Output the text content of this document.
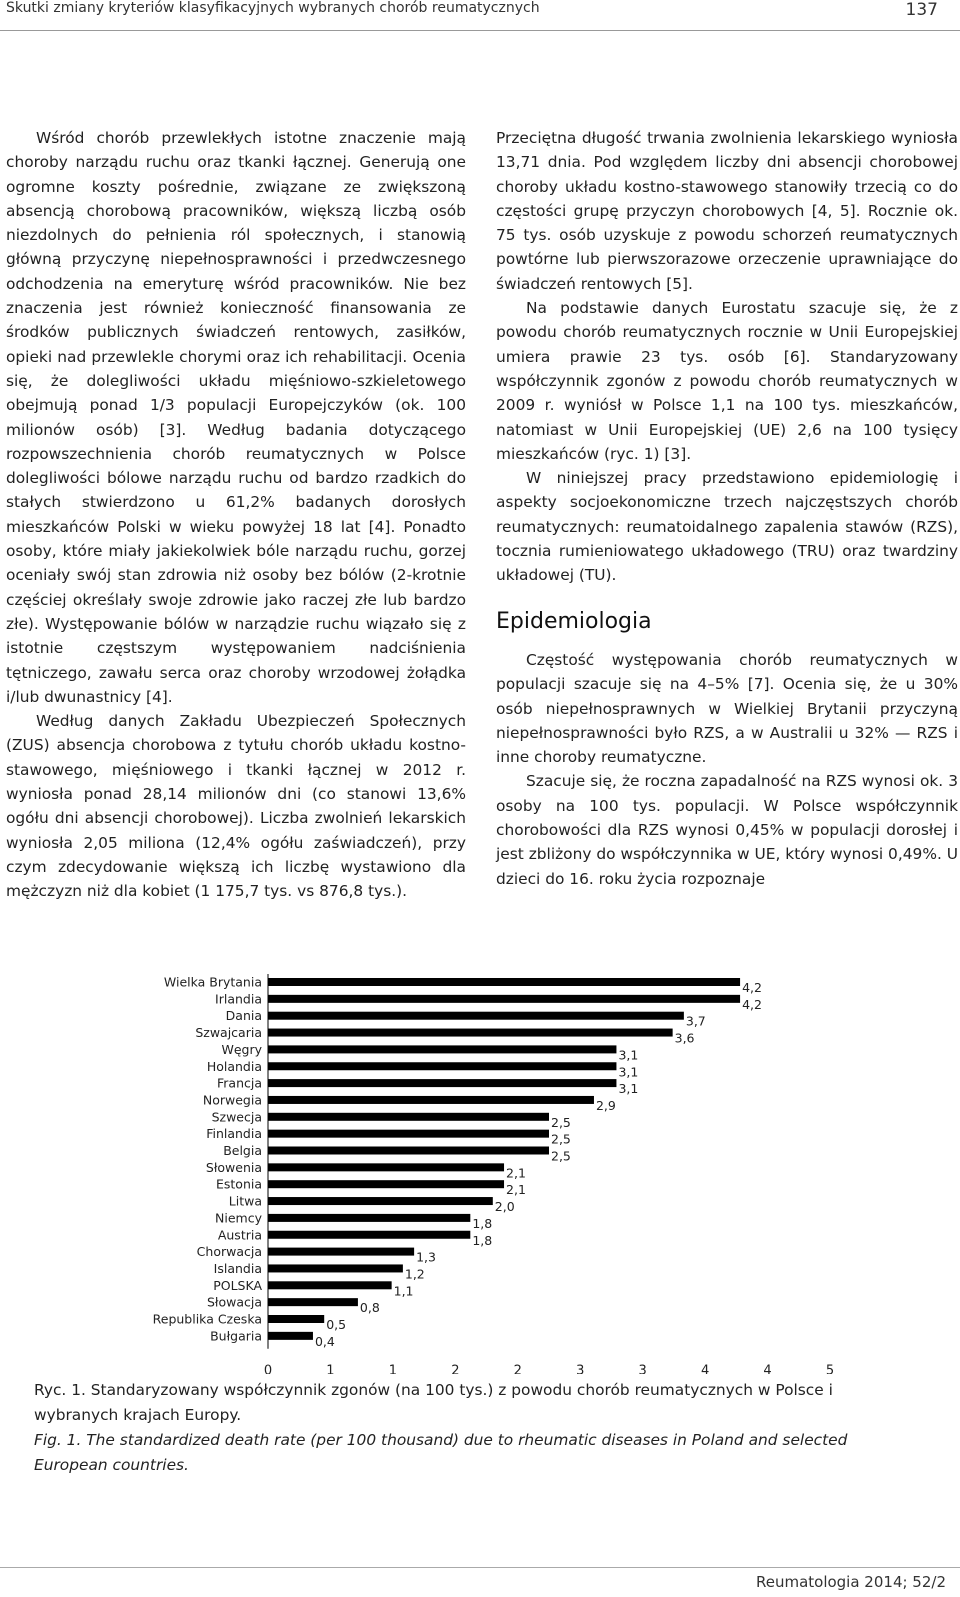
Skutki zmiany kryteriów klasyfikacyjnych wybranych chorób reumatycznych	137

Wśród chorób przewlekłych istotne znaczenie mają choroby narządu ruchu oraz tkanki łącznej. Generują one ogromne koszty pośrednie, związane ze zwiększoną absencją chorobową pracowników, większą liczbą osób niezdolnych do pełnienia ról społecznych, i stanowią główną przyczynę niepełnosprawności i przedwczesnego odchodzenia na emeryturę wśród pracowników. Nie bez znaczenia jest również konieczność finansowania ze środków publicznych świadczeń rentowych, zasiłków, opieki nad przewlekle chorymi oraz ich rehabilitacji. Ocenia się, że dolegliwości układu mięśniowo-szkieletowego obejmują ponad 1/3 populacji Europejczyków (ok. 100 milionów osób) [3]. Według badania dotyczącego rozpowszechnienia chorób reumatycznych w Polsce dolegliwości bólowe narządu ruchu od bardzo rzadkich do stałych stwierdzono u 61,2% badanych dorosłych mieszkańców Polski w wieku powyżej 18 lat [4]. Ponadto osoby, które miały jakiekolwiek bóle narządu ruchu, gorzej oceniały swój stan zdrowia niż osoby bez bólów (2-krotnie częściej określały swoje zdrowie jako raczej złe lub bardzo złe). Występowanie bólów w narządzie ruchu wiązało się z istotnie częstszym występowaniem nadciśnienia tętniczego, zawału serca oraz choroby wrzodowej żołądka i/lub dwunastnicy [4].

Według danych Zakładu Ubezpieczeń Społecznych (ZUS) absencja chorobowa z tytułu chorób układu kostno-stawowego, mięśniowego i tkanki łącznej w 2012 r. wyniosła ponad 28,14 milionów dni (co stanowi 13,6% ogółu dni absencji chorobowej). Liczba zwolnień lekarskich wyniosła 2,05 miliona (12,4% ogółu zaświadczeń), przy czym zdecydowanie większą ich liczbę wystawiono dla mężczyzn niż dla kobiet (1 175,7 tys. vs 876,8 tys.).

Przeciętna długość trwania zwolnienia lekarskiego wyniosła 13,71 dnia. Pod względem liczby dni absencji chorobowej choroby układu kostno-stawowego stanowiły trzecią co do częstości grupę przyczyn chorobowych [4, 5]. Rocznie ok. 75 tys. osób uzyskuje z powodu schorzeń reumatycznych powtórne lub pierwszorazowe orzeczenie uprawniające do świadczeń rentowych [5].

Na podstawie danych Eurostatu szacuje się, że z powodu chorób reumatycznych rocznie w Unii Europejskiej umiera prawie 23 tys. osób [6]. Standaryzowany współczynnik zgonów z powodu chorób reumatycznych w 2009 r. wyniósł w Polsce 1,1 na 100 tys. mieszkańców, natomiast w Unii Europejskiej (UE) 2,6 na 100 tysięcy mieszkańców (ryc. 1) [3].

W niniejszej pracy przedstawiono epidemiologię i aspekty socjoekonomiczne trzech najczęstszych chorób reumatycznych: reumatoidalnego zapalenia stawów (RZS), tocznia rumieniowatego układowego (TRU) oraz twardziny układowej (TU).

Epidemiologia

Częstość występowania chorób reumatycznych w populacji szacuje się na 4–5% [7]. Ocenia się, że u 30% osób niepełnosprawnych w Wielkiej Brytanii przyczyną niepełnosprawności było RZS, a w Australii u 32% — RZS i inne choroby reumatyczne.

Szacuje się, że roczna zapadalność na RZS wynosi ok. 3 osoby na 100 tys. populacji. W Polsce współczynnik chorobowości dla RZS wynosi 0,45% w populacji dorosłej i jest zbliżony do współczynnika w UE, który wynosi 0,49%. U dzieci do 16. roku życia rozpoznaje

Wielka Brytania	4,2
Irlandia	4,2
Dania	3,7
Szwajcaria	3,6
Węgry	3,1
Holandia	3,1
Francja	3,1
Norwegia	2,9
Szwecja	2,5
Finlandia	2,5
Belgia	2,5
Słowenia	2,1
Estonia	2,1
Litwa	2,0
Niemcy	1,8
Austria	1,8
Chorwacja	1,3
Islandia	1,2
POLSKA	1,1
Słowacja	0,8
Republika Czeska	0,5
Bułgaria	0,4
0	1	1	2	2	3	3	4	4	5
Ryc. 1. Standaryzowany współczynnik zgonów (na 100 tys.) z powodu chorób reumatycznych w Polsce i wybranych krajach Europy.
Fig. 1. The standardized death rate (per 100 thousand) due to rheumatic diseases in Poland and selected European countries.
Reumatologia 2014; 52/2
